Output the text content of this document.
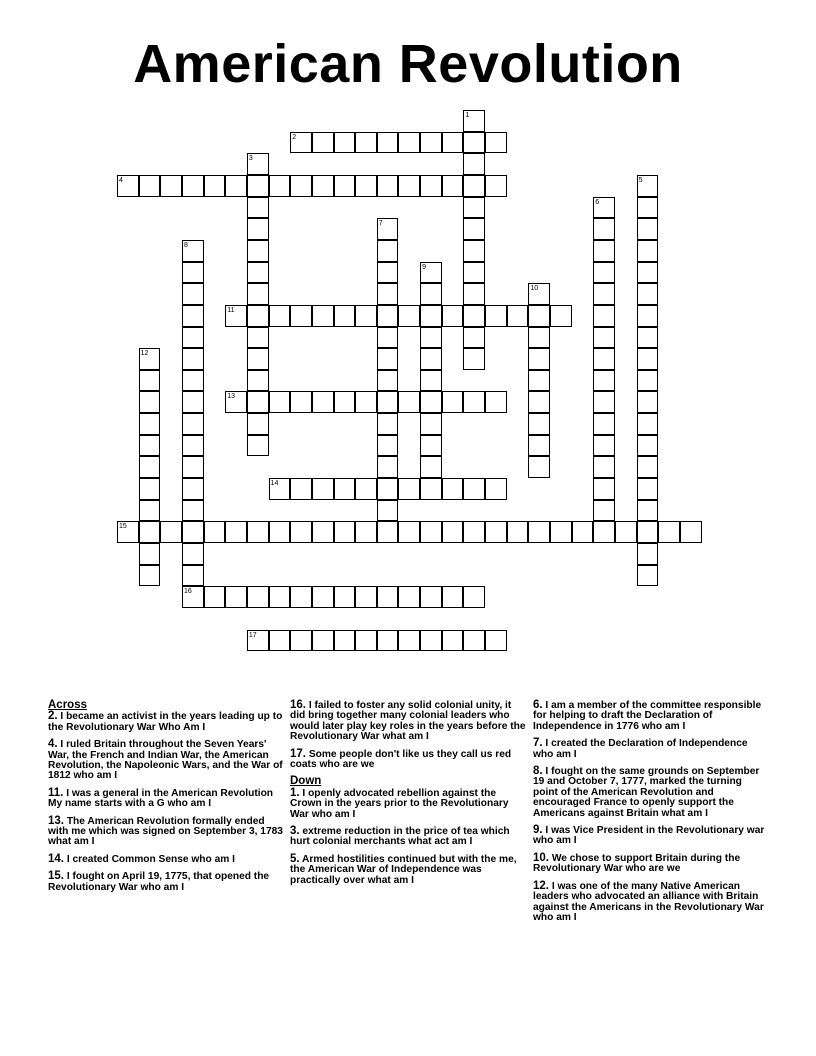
American Revolution
1
2
3
4	5
6
7
8
9
10
11
12
13
14
15
16
17
Across
2. I became an activist in the years leading up to the Revolutionary War Who Am I
4. I ruled Britain throughout the Seven Years' War, the French and Indian War, the American Revolution, the Napoleonic Wars, and the War of 1812 who am I
11. I was a general in the American Revolution My name starts with a G who am I
13. The American Revolution formally ended with me which was signed on September 3, 1783 what am I
14. I created Common Sense who am I
15. I fought on April 19, 1775, that opened the Revolutionary War who am I
16. I failed to foster any solid colonial unity, it did bring together many colonial leaders who would later play key roles in the years before the Revolutionary War what am I
17. Some people don't like us they call us red coats who are we
Down
1. I openly advocated rebellion against the Crown in the years prior to the Revolutionary War who am I
3. extreme reduction in the price of tea which hurt colonial merchants what act am I
5. Armed hostilities continued but with the me, the American War of Independence was practically over what am I
6. I am a member of the committee responsible for helping to draft the Declaration of Independence in 1776 who am I
7. I created the Declaration of Independence who am I
8. I fought on the same grounds on September 19 and October 7, 1777, marked the turning point of the American Revolution and encouraged France to openly support the Americans against Britain what am I
9. I was Vice President in the Revolutionary war who am I
10. We chose to support Britain during the Revolutionary War who are we
12. I was one of the many Native American leaders who advocated an alliance with Britain against the Americans in the Revolutionary War who am I
